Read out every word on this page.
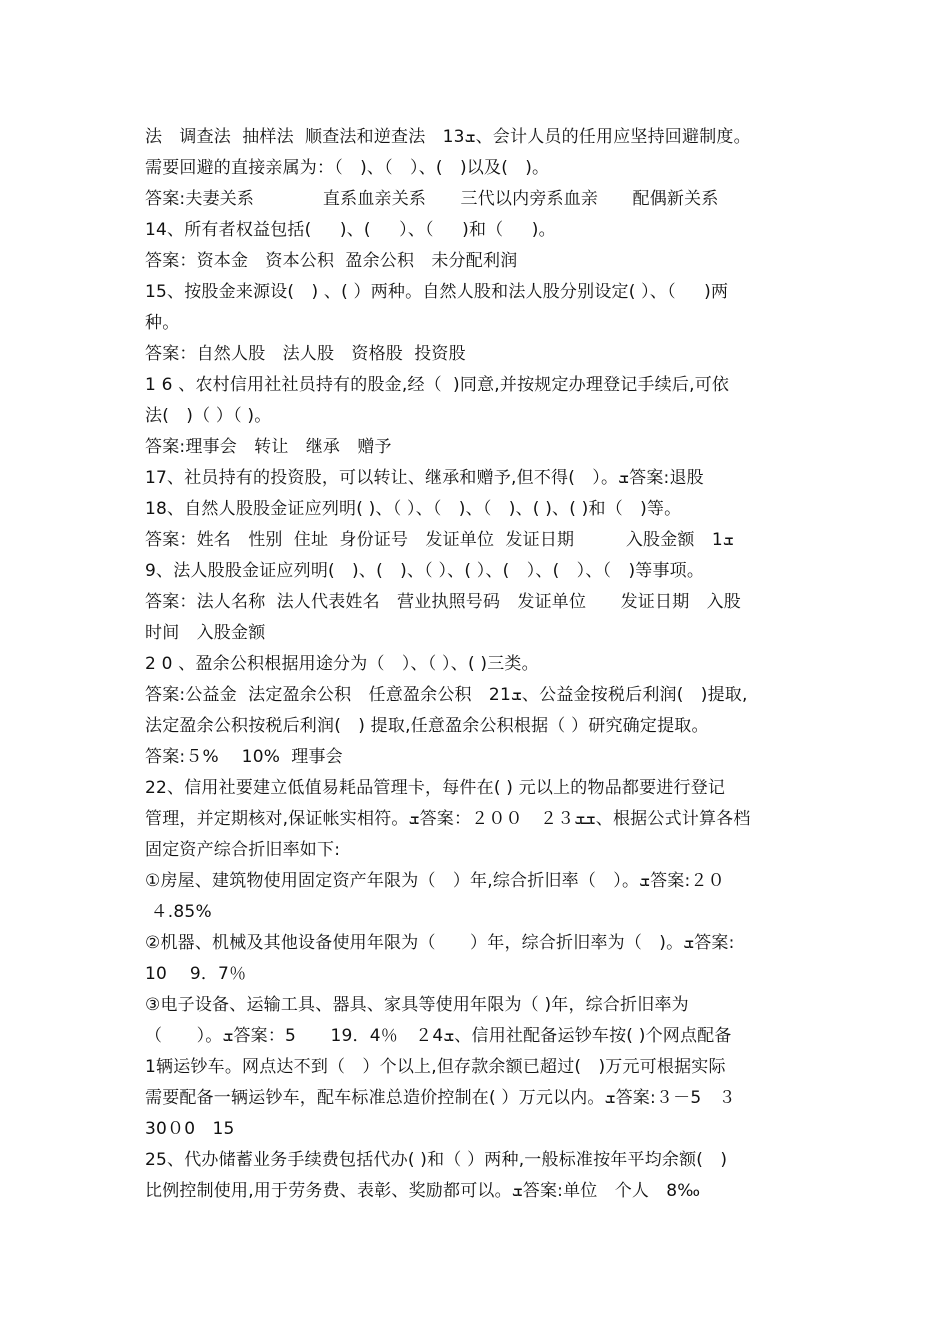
法　调查法  抽样法  顺查法和逆查法　13ܫ、会计人员的任用应坚持回避制度。
需要回避的直接亲属为：（　)、（　）、(　)以及(　)。
答案:夫妻关系　　　　直系血亲关系　　三代以内旁系血亲　　配偶新关系
14、所有者权益包括(　  )、(　  ）、（　  )和（　  )。
答案：资本金　资本公积  盈余公积　未分配利润
15、按股金来源设(　) 、( ）两种。自然人股和法人股分别设定( ）、（　  )两
种。
答案：自然人股　法人股　资格股  投资股
1 6 、农村信用社社员持有的股金,经（  )同意,并按规定办理登记手续后,可依
法(　)（ ）（ )。
答案:理事会　转让　继承　赠予
17、社员持有的投资股，可以转让、继承和赠予,但不得(　）。ܫ答案:退股
18、自然人股股金证应列明( )、（ ）、（　)、（　)、( )、( )和（　)等。
答案：姓名　性别  住址  身份证号　发证单位  发证日期　　　入股金额　1ܫ
9、法人股股金证应列明(　)、(　)、（ ）、( ）、(　）、(　）、（　)等事项。
答案：法人名称  法人代表姓名　营业执照号码　发证单位　　发证日期　入股
时间　入股金额
2 0 、盈余公积根据用途分为（　）、（ ）、( )三类。
答案:公益金  法定盈余公积　任意盈余公积　21ܫ、公益金按税后利润(　)提取,
法定盈余公积按税后利润(　) 提取,任意盈余公积根据（ ）研究确定提取。
答案:５%　 10%  理事会
22、信用社要建立低值易耗品管理卡，每件在( ) 元以上的物品都要进行登记
管理，并定期核对,保证帐实相符。ܫ答案：２００　２３ܫܫ、根据公式计算各档
固定资产综合折旧率如下:
①房屋、建筑物使用固定资产年限为（　）年,综合折旧率（　）。ܫ答案:２０
４.85%
②机器、机械及其他设备使用年限为（　　）年，综合折旧率为（　)。ܫ答案:
10　 9．7％
③电子设备、运输工具、器具、家具等使用年限为（ )年，综合折旧率为
（　　）。ܫ答案：5　　19．4％　２4ܫ、信用社配备运钞车按( )个网点配备
1辆运钞车。网点达不到（　）个以上,但存款余额已超过(　)万元可根据实际
需要配备一辆运钞车，配车标准总造价控制在( ）万元以内。ܫ答案:３－5　３
30０0　15
25、代办储蓄业务手续费包括代办( )和（ ）两种,一般标准按年平均余额(　)
比例控制使用,用于劳务费、表彰、奖励都可以。ܫ答案:单位　个人　8‰
